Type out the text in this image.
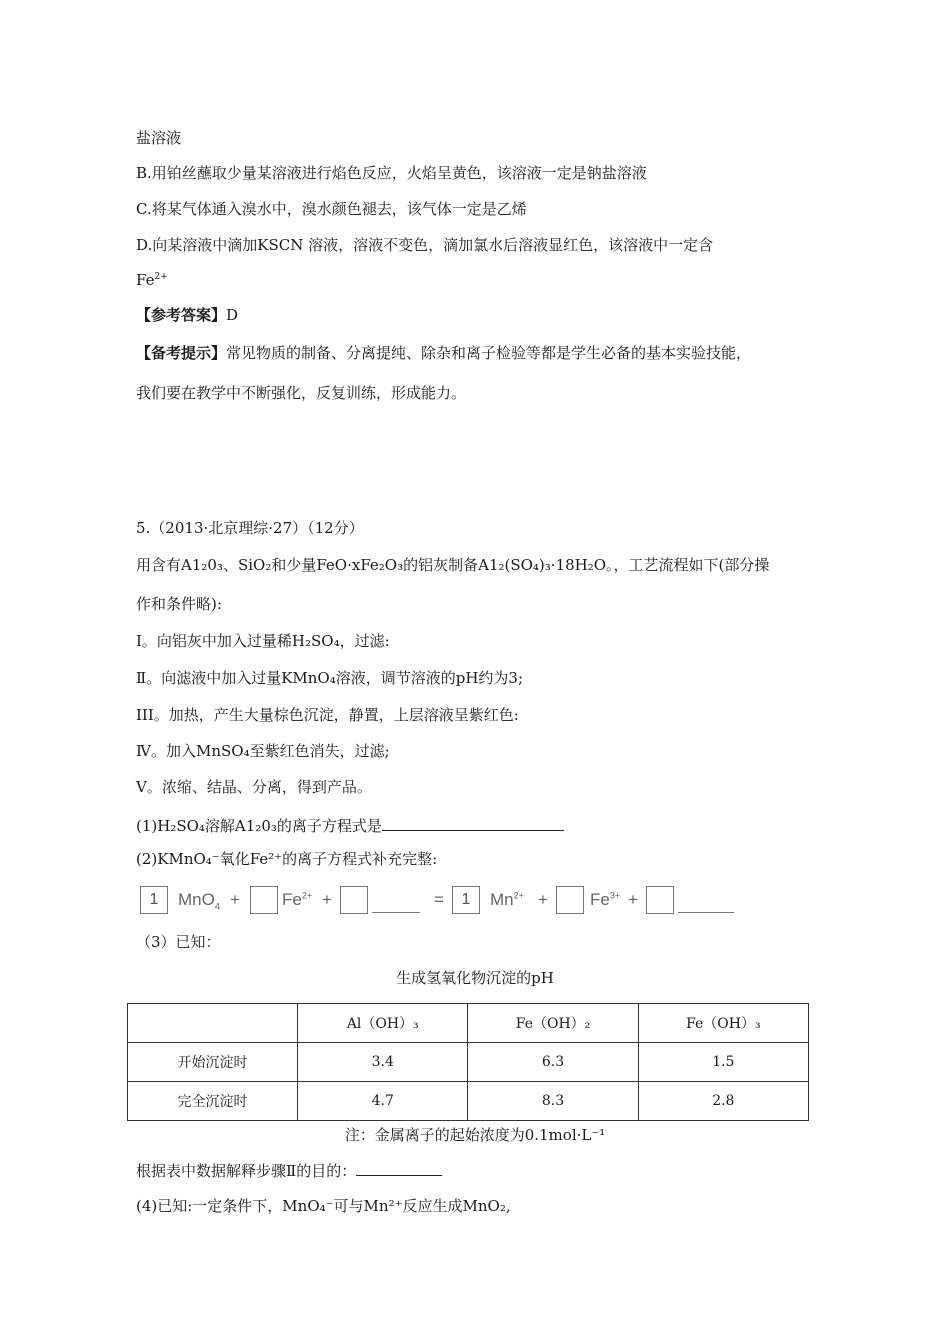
盐溶液
B.用铂丝蘸取少量某溶液进行焰色反应，火焰呈黄色，该溶液一定是钠盐溶液
C.将某气体通入溴水中，溴水颜色褪去，该气体一定是乙烯
D.向某溶液中滴加KSCN 溶液，溶液不变色，滴加氯水后溶液显红色，该溶液中一定含
$Fe^{2+}$
【参考答案】D
【备考提示】常见物质的制备、分离提纯、除杂和离子检验等都是学生必备的基本实验技能，
我们要在教学中不断强化，反复训练，形成能力。
5.（2013·北京理综·27）（12分）
用含有A1₂0₃、SiO₂和少量FeO·xFe₂O₃的铝灰制备A1₂(SO₄)₃·18H₂O。，工艺流程如下(部分操
作和条件略):
Ⅰ。向铝灰中加入过量稀H₂SO₄，过滤:
Ⅱ。向滤液中加入过量KMnO₄溶液，调节溶液的pH约为3;
III。加热，产生大量棕色沉淀，静置，上层溶液呈紫红色:
Ⅳ。加入MnSO₄至紫红色消失，过滤;
Ⅴ。浓缩、结晶、分离，得到产品。
(1)H₂SO₄溶解A1₂0₃的离子方程式是
(2)KMnO₄⁻氧化Fe²⁺的离子方程式补充完整:
1	$MnO_4 + Fe^{2+}$ +	=	1	$Mn^{2+} + Fe^{3+}$ +
（3）已知：
生成氢氧化物沉淀的pH
	Al（OH）₃	Fe（OH）₂	Fe（OH）₃
开始沉淀时	3.4	6.3	1.5
完全沉淀时	4.7	8.3	2.8
注：金属离子的起始浓度为0.1mol·L⁻¹
根据表中数据解释步骤Ⅱ的目的：
(4)已知:一定条件下，MnO₄⁻可与Mn²⁺反应生成MnO₂,
